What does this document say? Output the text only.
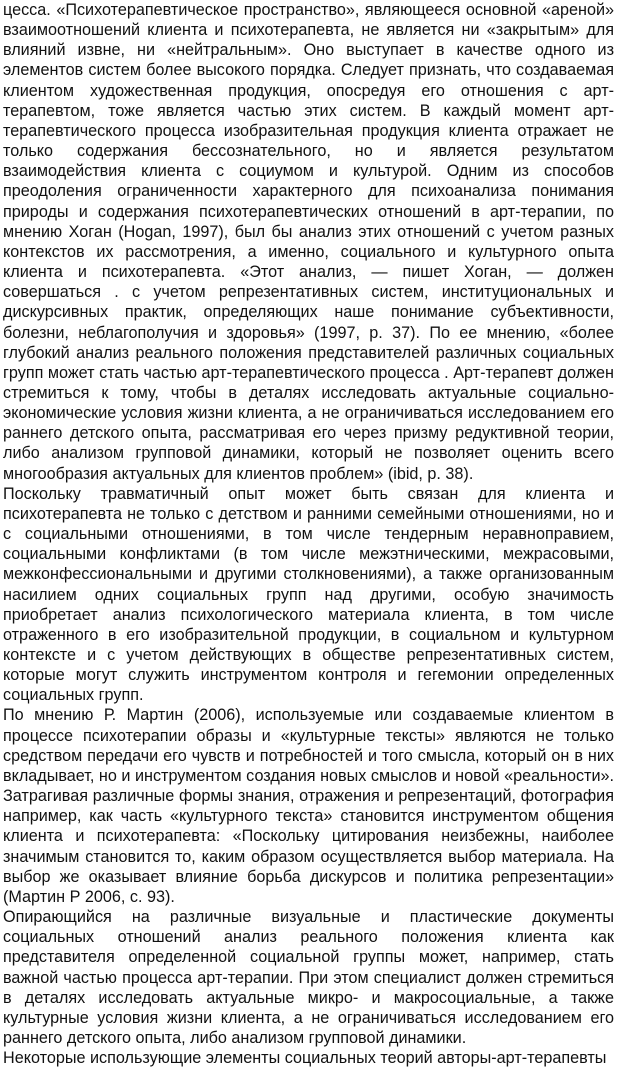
цесса. «Психотерапевтическое пространство», являющееся основной «ареной» взаимоотношений клиента и психотерапевта, не является ни «закрытым» для влияний извне, ни «нейтральным». Оно выступает в качестве одного из элементов систем более высокого порядка. Следует признать, что создаваемая клиентом художественная продукция, опосредуя его отношения с арт-терапевтом, тоже является частью этих систем. В каждый момент арт-терапевтического процесса изобразительная продукция клиента отражает не только содержания бессознательного, но и является результатом взаимодействия клиента с социумом и культурой. Одним из способов преодоления ограниченности характерного для психоанализа понимания природы и содержания психотерапевтических отношений в арт-терапии, по мнению Хоган (Hogan, 1997), был бы анализ этих отношений с учетом разных контекстов их рассмотрения, а именно, социального и культурного опыта клиента и психотерапевта. «Этот анализ, — пишет Хоган, — должен совершаться . с учетом репрезентативных систем, институциональных и дискурсивных практик, определяющих наше понимание субъективности, болезни, неблагополучия и здоровья» (1997, p. 37). По ее мнению, «более глубокий анализ реального положения представителей различных социальных групп может стать частью арт-терапевтического процесса . Арт-терапевт должен стремиться к тому, чтобы в деталях исследовать актуальные социально-экономические условия жизни клиента, а не ограничиваться исследованием его раннего детского опыта, рассматривая его через призму редуктивной теории, либо анализом групповой динамики, который не позволяет оценить всего многообразия актуальных для клиентов проблем» (ibid, p. 38).

Поскольку травматичный опыт может быть связан для клиента и психотерапевта не только с детством и ранними семейными отношениями, но и с социальными отношениями, в том числе тендерным неравноправием, социальными конфликтами (в том числе межэтническими, межрасовыми, межконфессиональными и другими столкновениями), а также организованным насилием одних социальных групп над другими, особую значимость приобретает анализ психологического материала клиента, в том числе отраженного в его изобразительной продукции, в социальном и культурном контексте и с учетом действующих в обществе репрезентативных систем, которые могут служить инструментом контроля и гегемонии определенных социальных групп.

По мнению Р. Мартин (2006), используемые или создаваемые клиентом в процессе психотерапии образы и «культурные тексты» являются не только средством передачи его чувств и потребностей и того смысла, который он в них вкладывает, но и инструментом создания новых смыслов и новой «реальности». Затрагивая различные формы знания, отражения и репрезентаций, фотография например, как часть «культурного текста» становится инструментом общения клиента и психотерапевта: «Поскольку цитирования неизбежны, наиболее значимым становится то, каким образом осуществляется выбор материала. На выбор же оказывает влияние борьба дискурсов и политика репрезентации» (Мартин Р 2006, с. 93).

Опирающийся на различные визуальные и пластические документы социальных отношений анализ реального положения клиента как представителя определенной социальной группы может, например, стать важной частью процесса арт-терапии. При этом специалист должен стремиться в деталях исследовать актуальные микро- и макросоциальные, а также культурные условия жизни клиента, а не ограничиваться исследованием его раннего детского опыта, либо анализом групповой динамики.

Некоторые использующие элементы социальных теорий авторы-арт-терапевты
